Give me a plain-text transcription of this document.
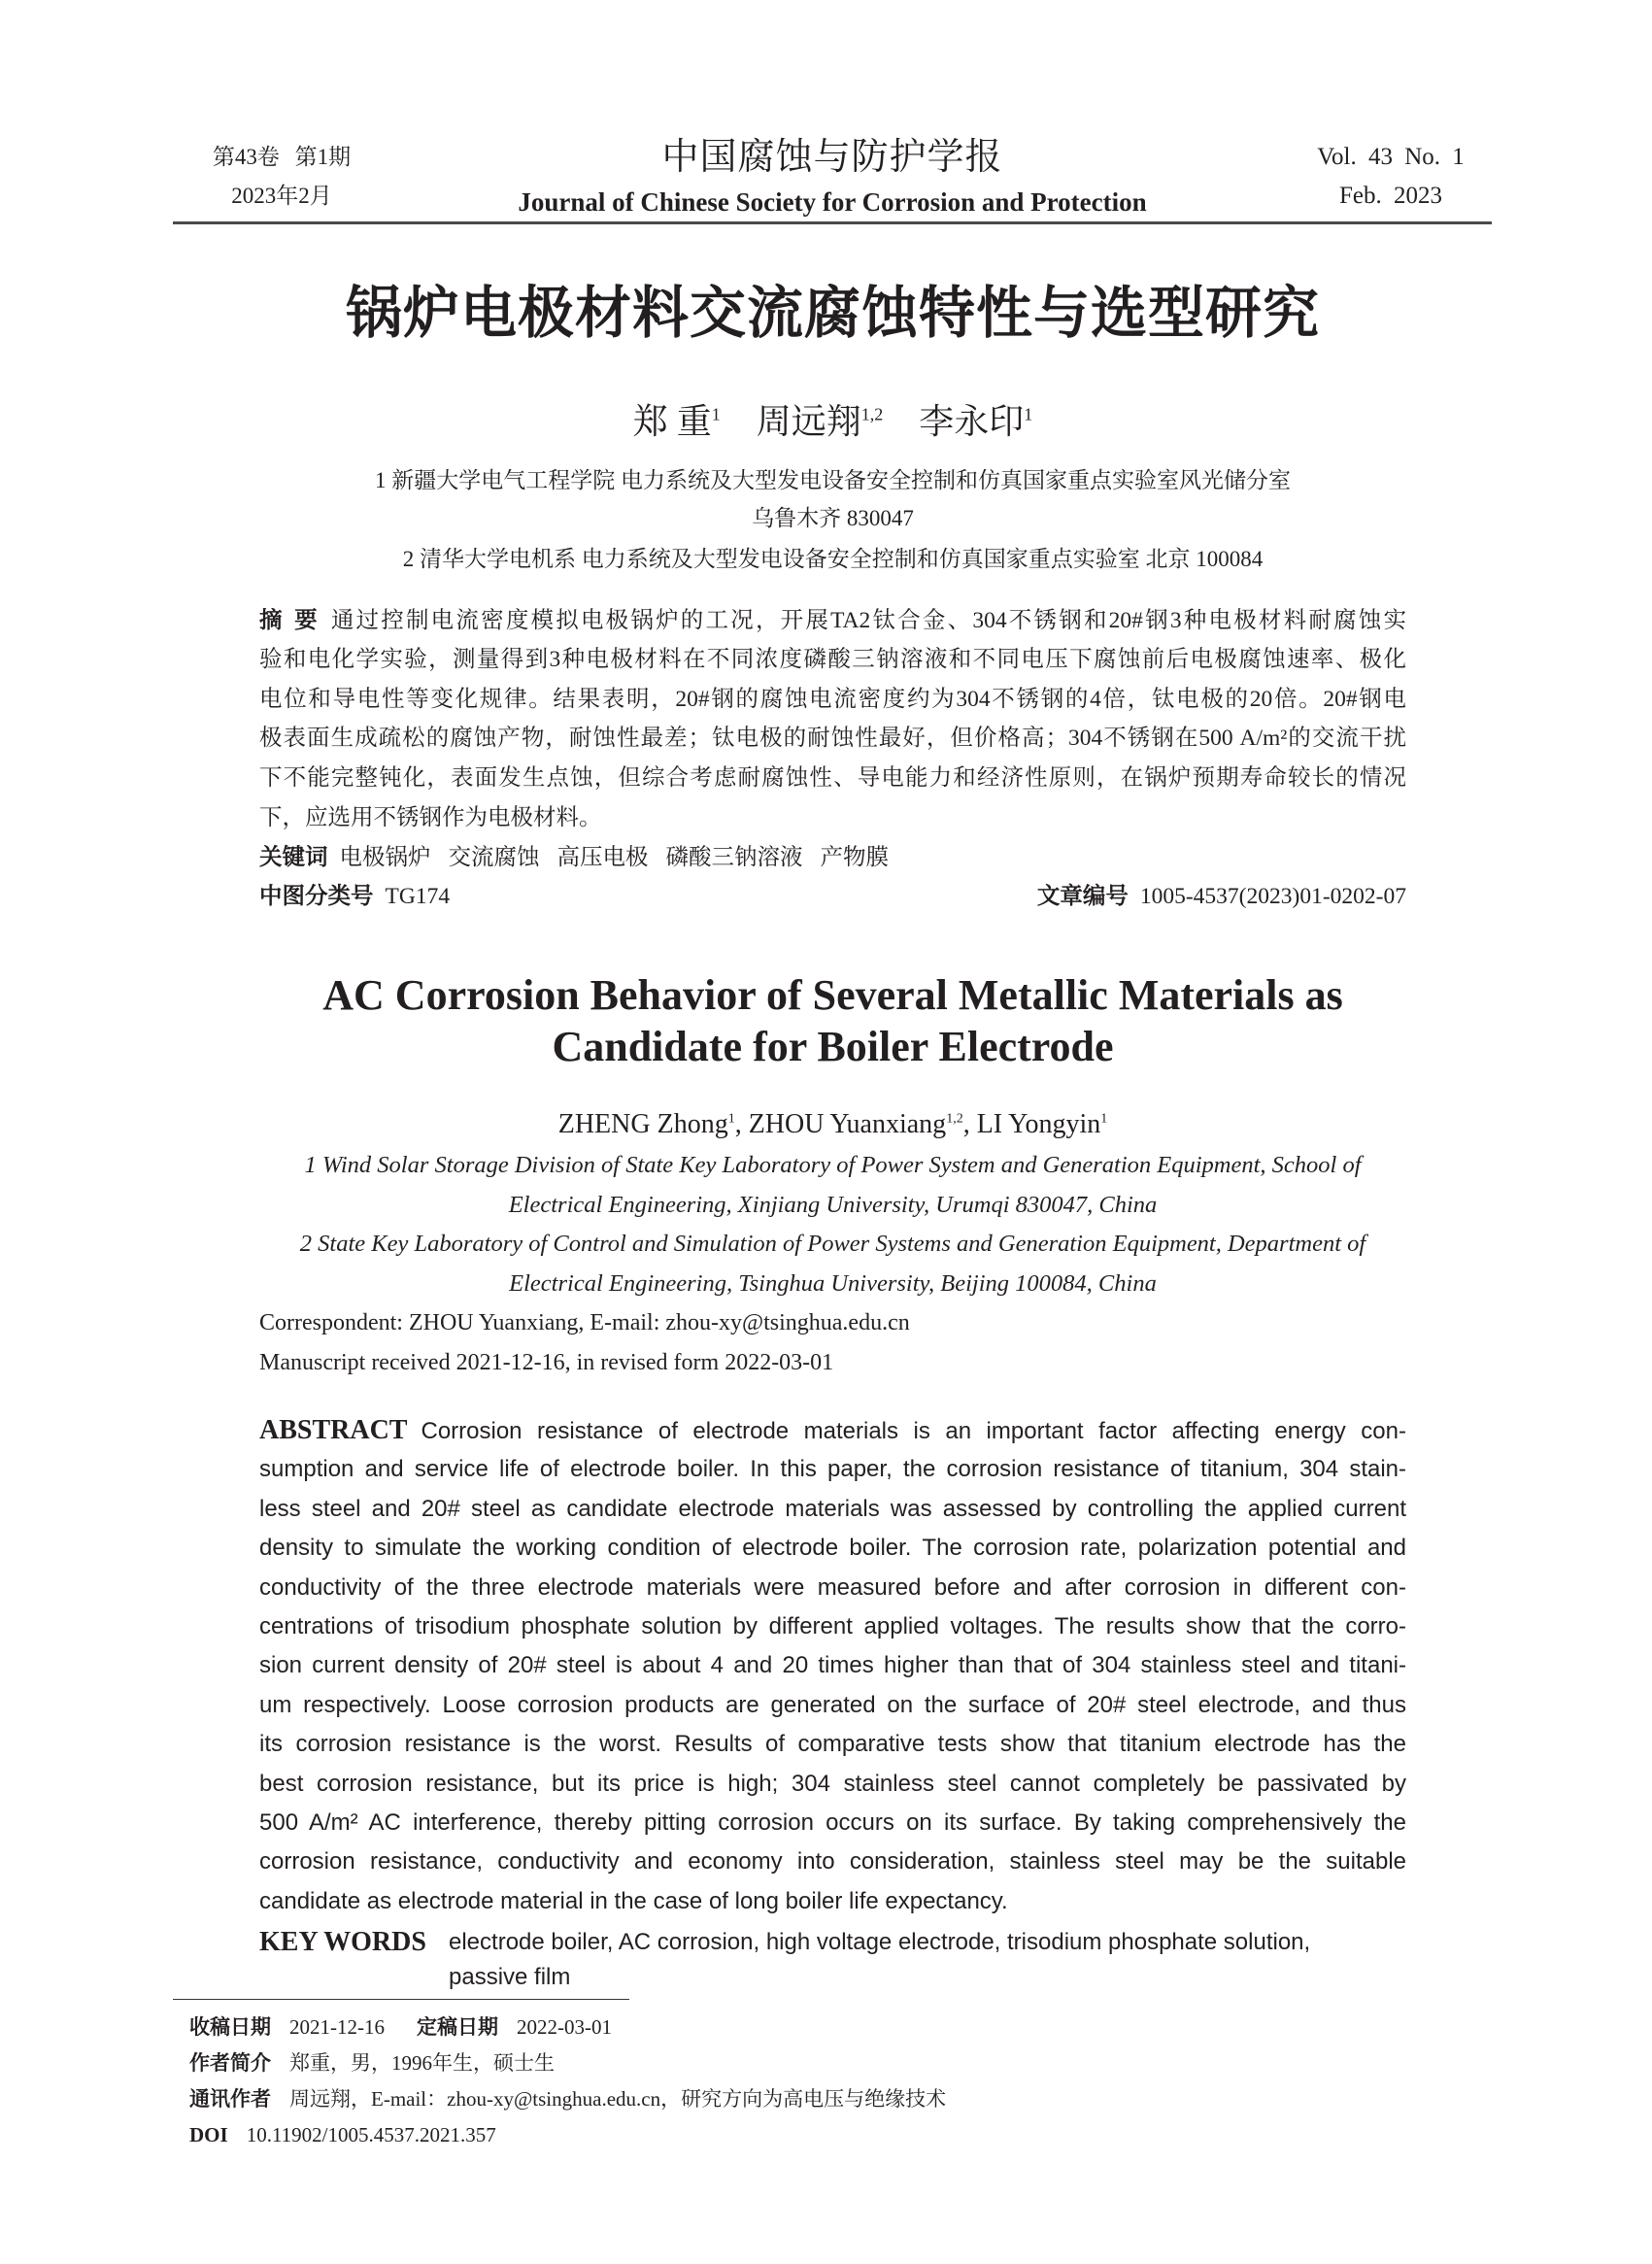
第43卷 第1期
2023年2月
中国腐蚀与防护学报
Journal of Chinese Society for Corrosion and Protection
Vol. 43 No. 1
Feb. 2023
锅炉电极材料交流腐蚀特性与选型研究
郑 重$^1$ 周远翔$^{1,2}$ 李永印$^1$
1 新疆大学电气工程学院 电力系统及大型发电设备安全控制和仿真国家重点实验室风光储分室
乌鲁木齐 830047
2 清华大学电机系 电力系统及大型发电设备安全控制和仿真国家重点实验室 北京 100084
摘 要 通过控制电流密度模拟电极锅炉的工况，开展TA2钛合金、304不锈钢和20#钢3种电极材料耐腐蚀实
验和电化学实验，测量得到3种电极材料在不同浓度磷酸三钠溶液和不同电压下腐蚀前后电极腐蚀速率、极化
电位和导电性等变化规律。结果表明，20#钢的腐蚀电流密度约为304不锈钢的4倍，钛电极的20倍。20#钢电
极表面生成疏松的腐蚀产物，耐蚀性最差；钛电极的耐蚀性最好，但价格高；304不锈钢在500 A/m²的交流干扰
下不能完整钝化，表面发生点蚀，但综合考虑耐腐蚀性、导电能力和经济性原则，在锅炉预期寿命较长的情况
下，应选用不锈钢作为电极材料。
关键词 电极锅炉 交流腐蚀 高压电极 磷酸三钠溶液 产物膜
中图分类号 TG174	文章编号 1005-4537(2023)01-0202-07
AC Corrosion Behavior of Several Metallic Materials as
Candidate for Boiler Electrode
ZHENG Zhong$^1$, ZHOU Yuanxiang$^{1,2}$, LI Yongyin$^1$
1 Wind Solar Storage Division of State Key Laboratory of Power System and Generation Equipment, School of
Electrical Engineering, Xinjiang University, Urumqi 830047, China
2 State Key Laboratory of Control and Simulation of Power Systems and Generation Equipment, Department of
Electrical Engineering, Tsinghua University, Beijing 100084, China
Correspondent: ZHOU Yuanxiang, E-mail: zhou-xy@tsinghua.edu.cn
Manuscript received 2021-12-16, in revised form 2022-03-01
ABSTRACT Corrosion resistance of electrode materials is an important factor affecting energy con-
sumption and service life of electrode boiler. In this paper, the corrosion resistance of titanium, 304 stain-
less steel and 20# steel as candidate electrode materials was assessed by controlling the applied current
density to simulate the working condition of electrode boiler. The corrosion rate, polarization potential and
conductivity of the three electrode materials were measured before and after corrosion in different con-
centrations of trisodium phosphate solution by different applied voltages. The results show that the corro-
sion current density of 20# steel is about 4 and 20 times higher than that of 304 stainless steel and titani-
um respectively. Loose corrosion products are generated on the surface of 20# steel electrode, and thus
its corrosion resistance is the worst. Results of comparative tests show that titanium electrode has the
best corrosion resistance, but its price is high; 304 stainless steel cannot completely be passivated by
500 A/m² AC interference, thereby pitting corrosion occurs on its surface. By taking comprehensively the
corrosion resistance, conductivity and economy into consideration, stainless steel may be the suitable
candidate as electrode material in the case of long boiler life expectancy.
KEY WORDS electrode boiler, AC corrosion, high voltage electrode, trisodium phosphate solution,
passive film
收稿日期 2021-12-16 定稿日期 2022-03-01
作者简介 郑重，男，1996年生，硕士生
通讯作者 周远翔，E-mail：zhou-xy@tsinghua.edu.cn，研究方向为高电压与绝缘技术
DOI 10.11902/1005.4537.2021.357
